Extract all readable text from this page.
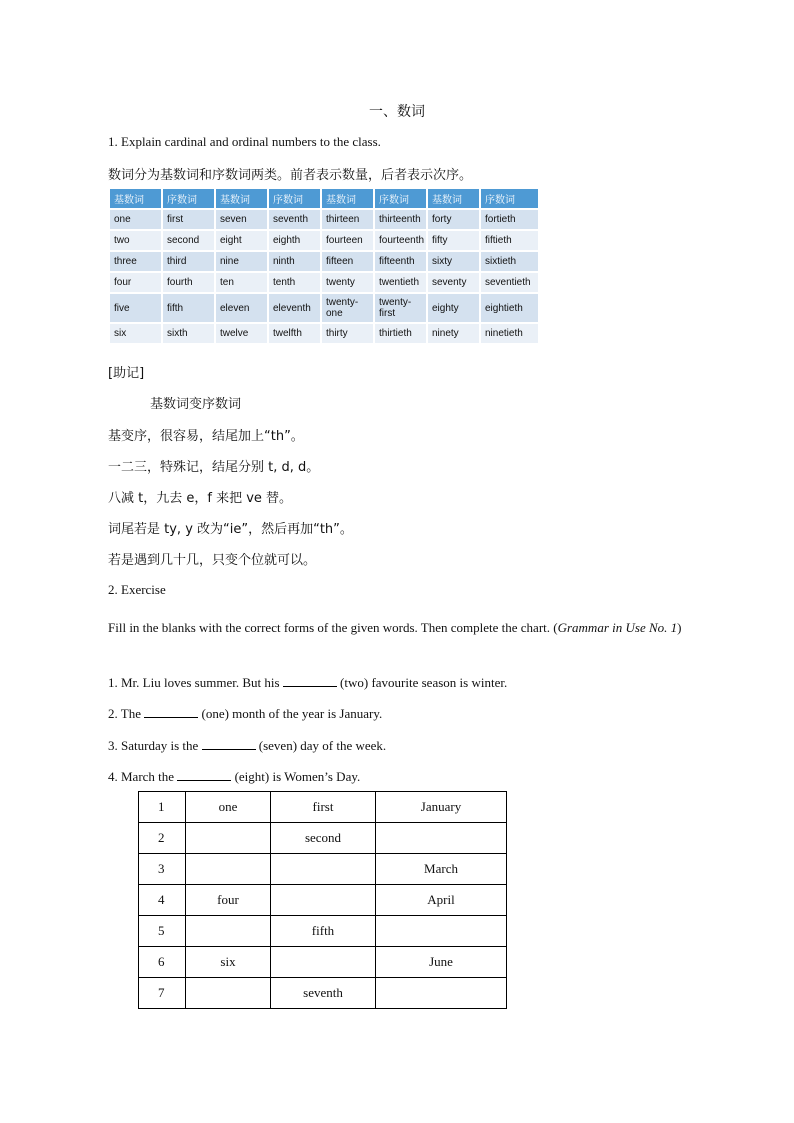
一、数词
1. Explain cardinal and ordinal numbers to the class.
数词分为基数词和序数词两类。前者表示数量，后者表示次序。
基数词	序数词	基数词	序数词	基数词	序数词	基数词	序数词
one	first	seven	seventh	thirteen	thirteenth	forty	fortieth
two	second	eight	eighth	fourteen	fourteenth	fifty	fiftieth
three	third	nine	ninth	fifteen	fifteenth	sixty	sixtieth
four	fourth	ten	tenth	twenty	twentieth	seventy	seventieth
five	fifth	eleven	eleventh	twenty-one	twenty-first	eighty	eightieth
six	sixth	twelve	twelfth	thirty	thirtieth	ninety	ninetieth
[助记]
基数词变序数词
基变序，很容易，结尾加上“th”。
一二三，特殊记，结尾分别 t, d, d。
八减 t，九去 e，f 来把 ve 替。
词尾若是 ty, y 改为“ie”，然后再加“th”。
若是遇到几十几，只变个位就可以。
2. Exercise
Fill in the blanks with the correct forms of the given words. Then complete the chart. (Grammar in Use No. 1)
1. Mr. Liu loves summer. But his	(two) favourite season is winter.
2. The	(one) month of the year is January.
3. Saturday is the	(seven) day of the week.
4. March the	(eight) is Women’s Day.
1	one	first	January
2		second	
3			March
4	four		April
5		fifth	
6	six		June
7		seventh	
